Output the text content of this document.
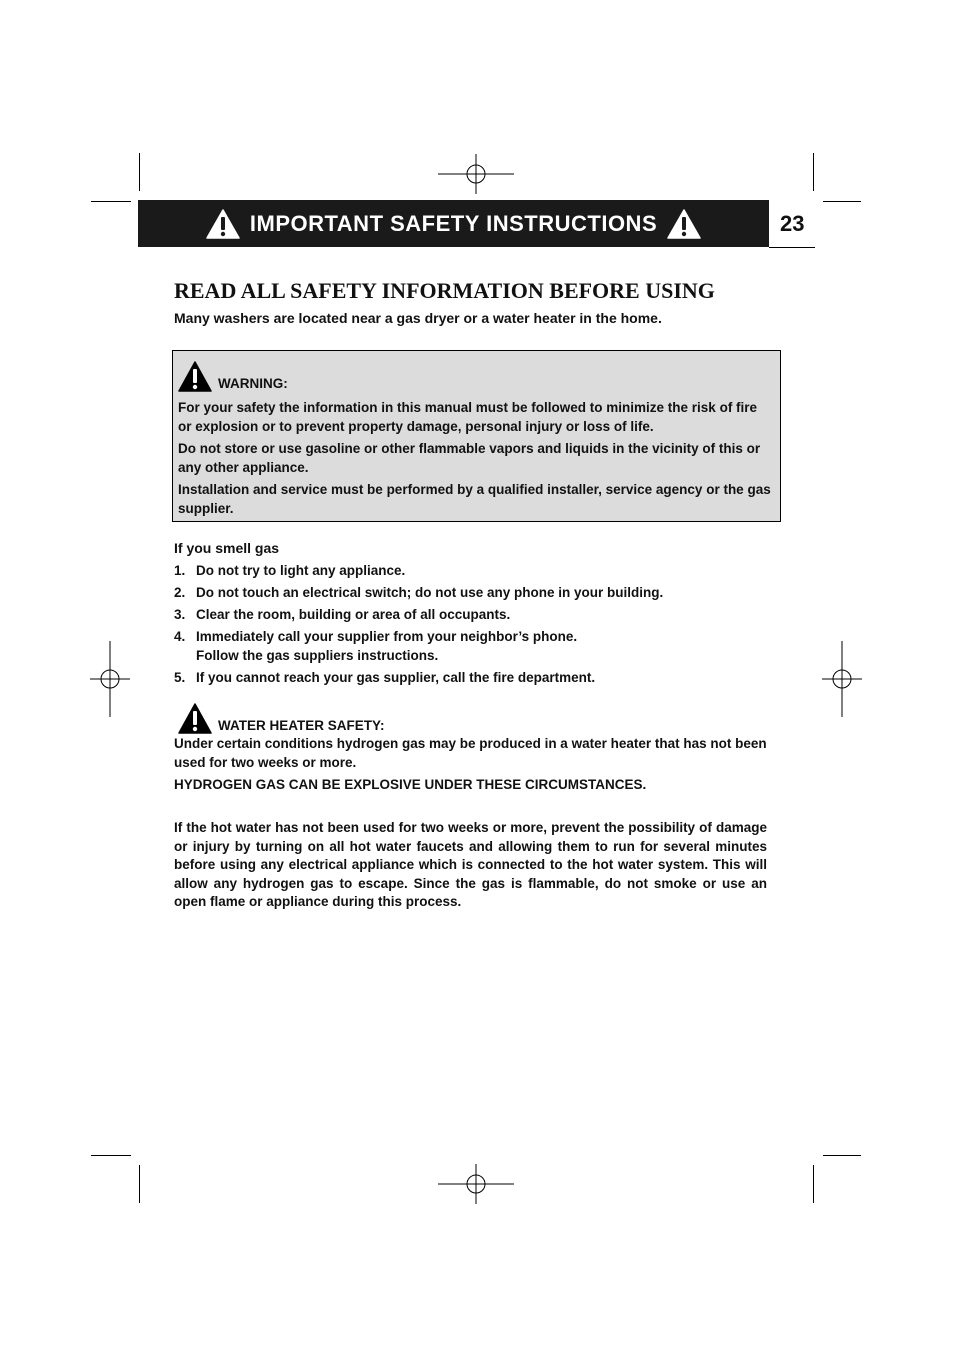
IMPORTANT SAFETY INSTRUCTIONS	23
READ ALL SAFETY INFORMATION BEFORE USING
Many washers are located near a gas dryer or a water heater in the home.
WARNING:

For your safety the information in this manual must be followed to minimize the risk of fire or explosion or to prevent property damage, personal injury or loss of life.

Do not store or use gasoline or other flammable vapors and liquids in the vicinity of this or any other appliance.

Installation and service must be performed by a qualified installer, service agency or the gas supplier.

If you smell gas
1. Do not try to light any appliance.
2. Do not touch an electrical switch; do not use any phone in your building.
3. Clear the room, building or area of all occupants.
4. Immediately call your supplier from your neighbor’s phone.
Follow the gas suppliers instructions.
5. If you cannot reach your gas supplier, call the fire department.
WATER HEATER SAFETY:

Under certain conditions hydrogen gas may be produced in a water heater that has not been used for two weeks or more.

HYDROGEN GAS CAN BE EXPLOSIVE UNDER THESE CIRCUMSTANCES.

If the hot water has not been used for two weeks or more, prevent the possibility of damage or injury by turning on all hot water faucets and allowing them to run for several minutes before using any electrical appliance which is connected to the hot water system. This will allow any hydrogen gas to escape. Since the gas is flammable, do not smoke or use an open flame or appliance during this process.
